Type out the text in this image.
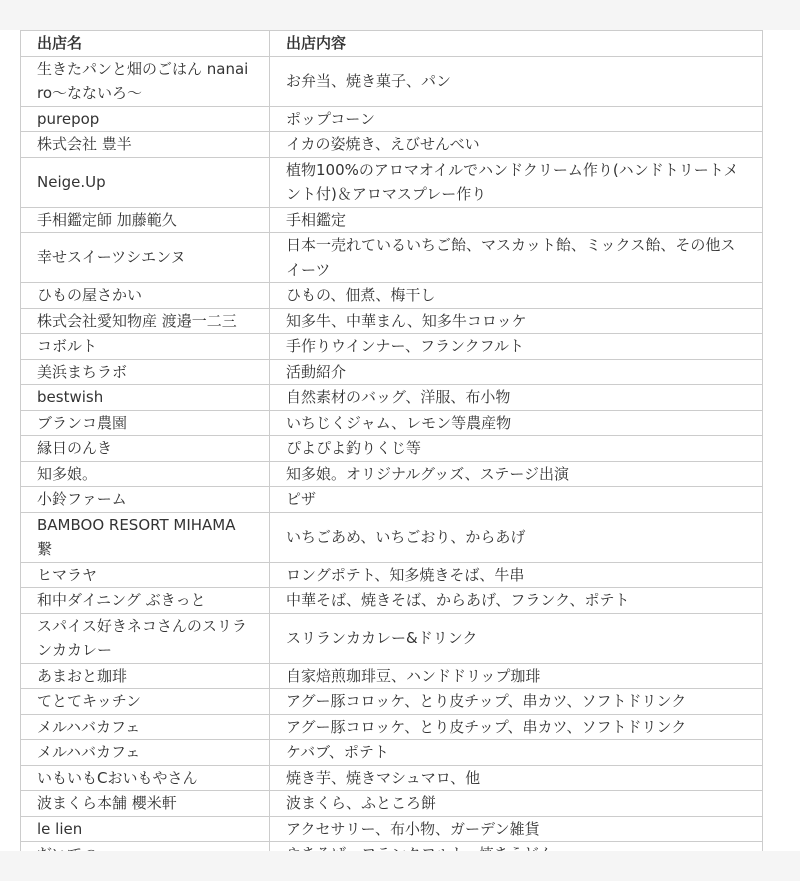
出店名	出店内容
生きたパンと畑のごはん nanairo〜なないろ〜	お弁当、焼き菓子、パン
purepop	ポップコーン
株式会社 豊半	イカの姿焼き、えびせんべい
Neige.Up	植物100%のアロマオイルでハンドクリーム作り(ハンドトリートメント付)＆アロマスプレー作り
手相鑑定師 加藤範久	手相鑑定
幸せスイーツシエンヌ	日本一売れているいちご飴、マスカット飴、ミックス飴、その他スイーツ
ひもの屋さかい	ひもの、佃煮、梅干し
株式会社愛知物産 渡邉一二三	知多牛、中華まん、知多牛コロッケ
コボルト	手作りウインナー、フランクフルト
美浜まちラボ	活動紹介
bestwish	自然素材のバッグ、洋服、布小物
ブランコ農園	いちじくジャム、レモン等農産物
縁日のんき	ぴよぴよ釣りくじ等
知多娘。	知多娘。オリジナルグッズ、ステージ出演
小鈴ファーム	ピザ
BAMBOO RESORT MIHAMA 繋	いちごあめ、いちごおり、からあげ
ヒマラヤ	ロングポテト、知多焼きそば、牛串
和中ダイニング ぶきっと	中華そば、焼きそば、からあげ、フランク、ポテト
スパイス好きネコさんのスリランカカレー	スリランカカレー&ドリンク
あまおと珈琲	自家焙煎珈琲豆、ハンドドリップ珈琲
てとてキッチン	アグー豚コロッケ、とり皮チップ、串カツ、ソフトドリンク
メルハバカフェ	アグー豚コロッケ、とり皮チップ、串カツ、ソフトドリンク
メルハバカフェ	ケバブ、ポテト
いもいもCおいもやさん	焼き芋、焼きマシュマロ、他
波まくら本舗 櫻米軒	波まくら、ふところ餅
le lien	アクセサリー、布小物、ガーデン雑貨
